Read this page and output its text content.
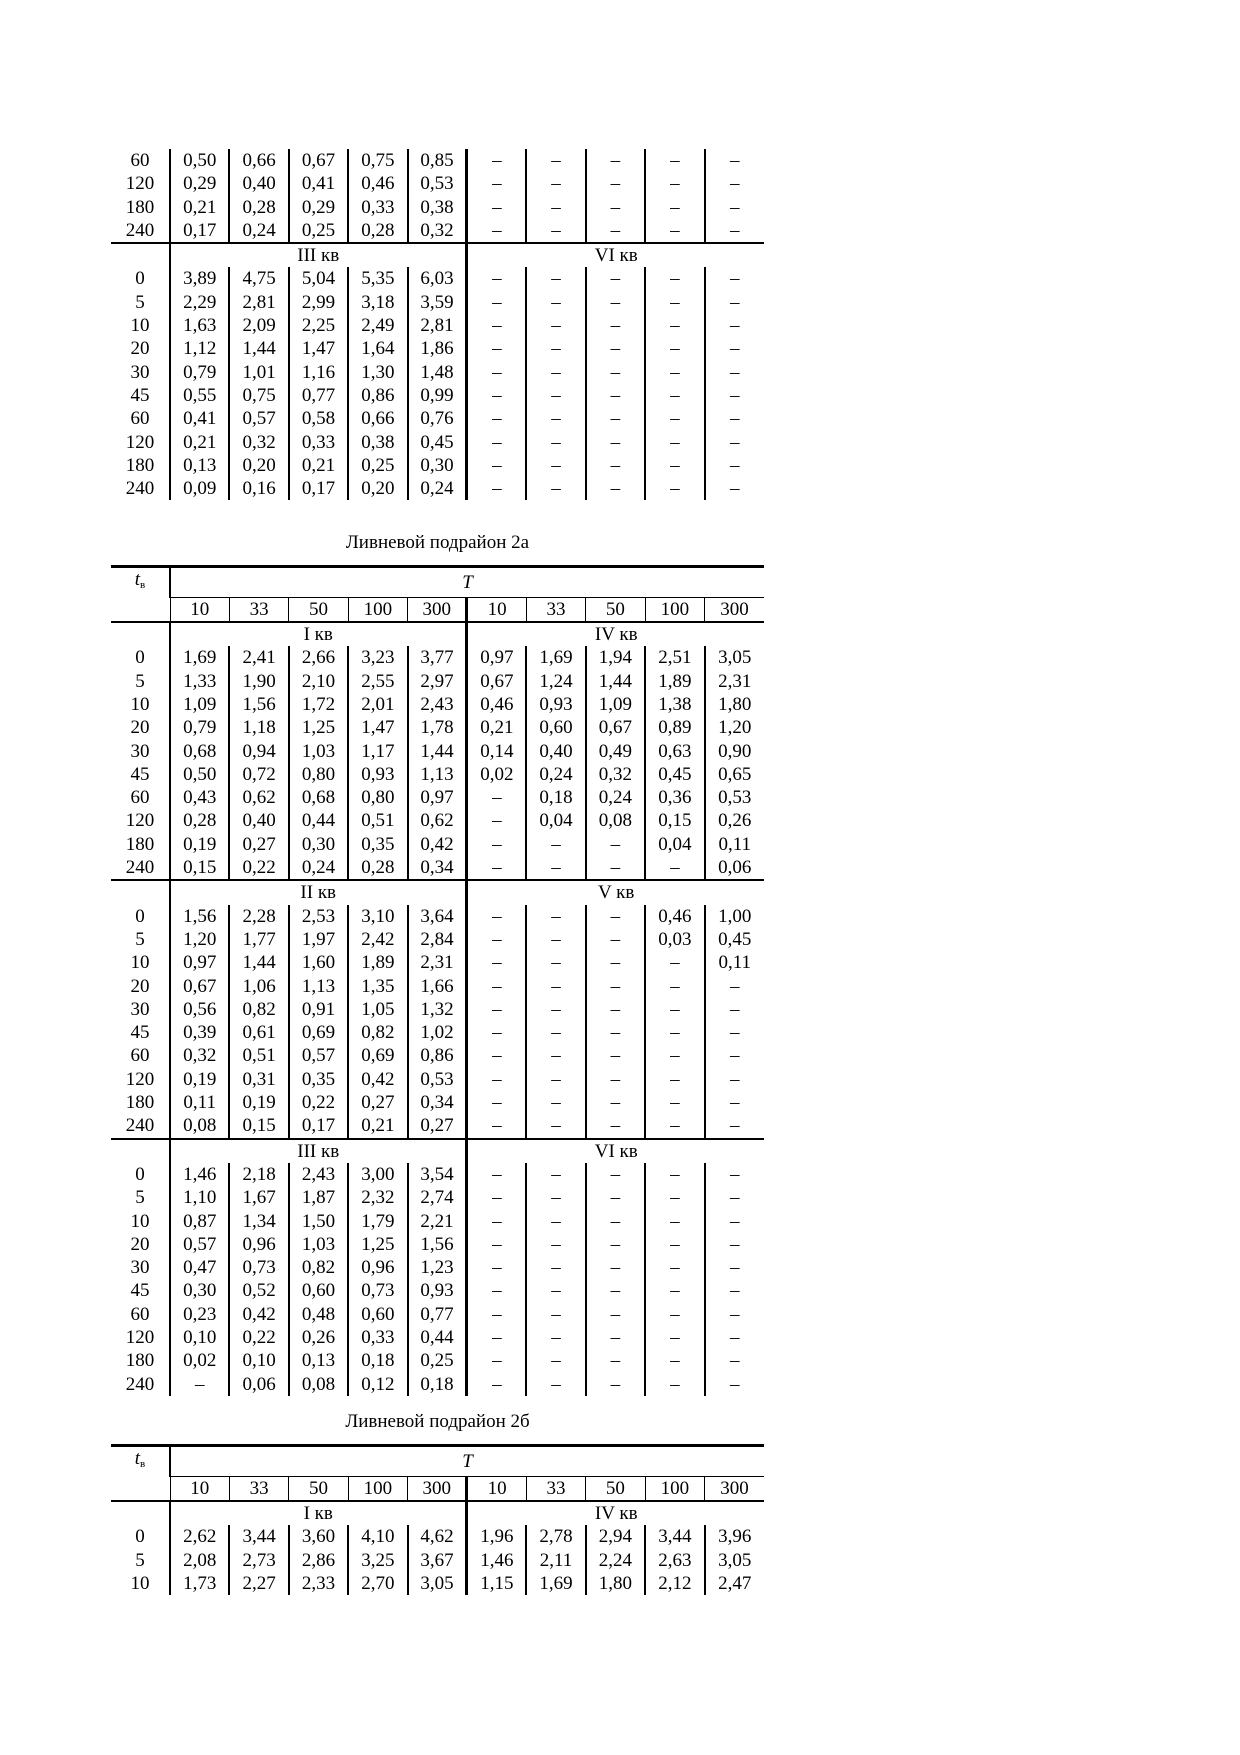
60	0,50	0,66	0,67	0,75	0,85	–	–	–	–	–
120	0,29	0,40	0,41	0,46	0,53	–	–	–	–	–
180	0,21	0,28	0,29	0,33	0,38	–	–	–	–	–
240	0,17	0,24	0,25	0,28	0,32	–	–	–	–	–
	III кв					VI кв				
0	3,89	4,75	5,04	5,35	6,03	–	–	–	–	–
5	2,29	2,81	2,99	3,18	3,59	–	–	–	–	–
10	1,63	2,09	2,25	2,49	2,81	–	–	–	–	–
20	1,12	1,44	1,47	1,64	1,86	–	–	–	–	–
30	0,79	1,01	1,16	1,30	1,48	–	–	–	–	–
45	0,55	0,75	0,77	0,86	0,99	–	–	–	–	–
60	0,41	0,57	0,58	0,66	0,76	–	–	–	–	–
120	0,21	0,32	0,33	0,38	0,45	–	–	–	–	–
180	0,13	0,20	0,21	0,25	0,30	–	–	–	–	–
240	0,09	0,16	0,17	0,20	0,24	–	–	–	–	–
Ливневой подрайон 2а
$t_в$	T									
	10	33	50	100	300	10	33	50	100	300
	I кв					IV кв				
0	1,69	2,41	2,66	3,23	3,77	0,97	1,69	1,94	2,51	3,05
5	1,33	1,90	2,10	2,55	2,97	0,67	1,24	1,44	1,89	2,31
10	1,09	1,56	1,72	2,01	2,43	0,46	0,93	1,09	1,38	1,80
20	0,79	1,18	1,25	1,47	1,78	0,21	0,60	0,67	0,89	1,20
30	0,68	0,94	1,03	1,17	1,44	0,14	0,40	0,49	0,63	0,90
45	0,50	0,72	0,80	0,93	1,13	0,02	0,24	0,32	0,45	0,65
60	0,43	0,62	0,68	0,80	0,97	–	0,18	0,24	0,36	0,53
120	0,28	0,40	0,44	0,51	0,62	–	0,04	0,08	0,15	0,26
180	0,19	0,27	0,30	0,35	0,42	–	–	–	0,04	0,11
240	0,15	0,22	0,24	0,28	0,34	–	–	–	–	0,06
	II кв					V кв				
0	1,56	2,28	2,53	3,10	3,64	–	–	–	0,46	1,00
5	1,20	1,77	1,97	2,42	2,84	–	–	–	0,03	0,45
10	0,97	1,44	1,60	1,89	2,31	–	–	–	–	0,11
20	0,67	1,06	1,13	1,35	1,66	–	–	–	–	–
30	0,56	0,82	0,91	1,05	1,32	–	–	–	–	–
45	0,39	0,61	0,69	0,82	1,02	–	–	–	–	–
60	0,32	0,51	0,57	0,69	0,86	–	–	–	–	–
120	0,19	0,31	0,35	0,42	0,53	–	–	–	–	–
180	0,11	0,19	0,22	0,27	0,34	–	–	–	–	–
240	0,08	0,15	0,17	0,21	0,27	–	–	–	–	–
	III кв					VI кв				
0	1,46	2,18	2,43	3,00	3,54	–	–	–	–	–
5	1,10	1,67	1,87	2,32	2,74	–	–	–	–	–
10	0,87	1,34	1,50	1,79	2,21	–	–	–	–	–
20	0,57	0,96	1,03	1,25	1,56	–	–	–	–	–
30	0,47	0,73	0,82	0,96	1,23	–	–	–	–	–
45	0,30	0,52	0,60	0,73	0,93	–	–	–	–	–
60	0,23	0,42	0,48	0,60	0,77	–	–	–	–	–
120	0,10	0,22	0,26	0,33	0,44	–	–	–	–	–
180	0,02	0,10	0,13	0,18	0,25	–	–	–	–	–
240	–	0,06	0,08	0,12	0,18	–	–	–	–	–
Ливневой подрайон 2б
$t_в$	T									
	10	33	50	100	300	10	33	50	100	300
	I кв					IV кв				
0	2,62	3,44	3,60	4,10	4,62	1,96	2,78	2,94	3,44	3,96
5	2,08	2,73	2,86	3,25	3,67	1,46	2,11	2,24	2,63	3,05
10	1,73	2,27	2,33	2,70	3,05	1,15	1,69	1,80	2,12	2,47
